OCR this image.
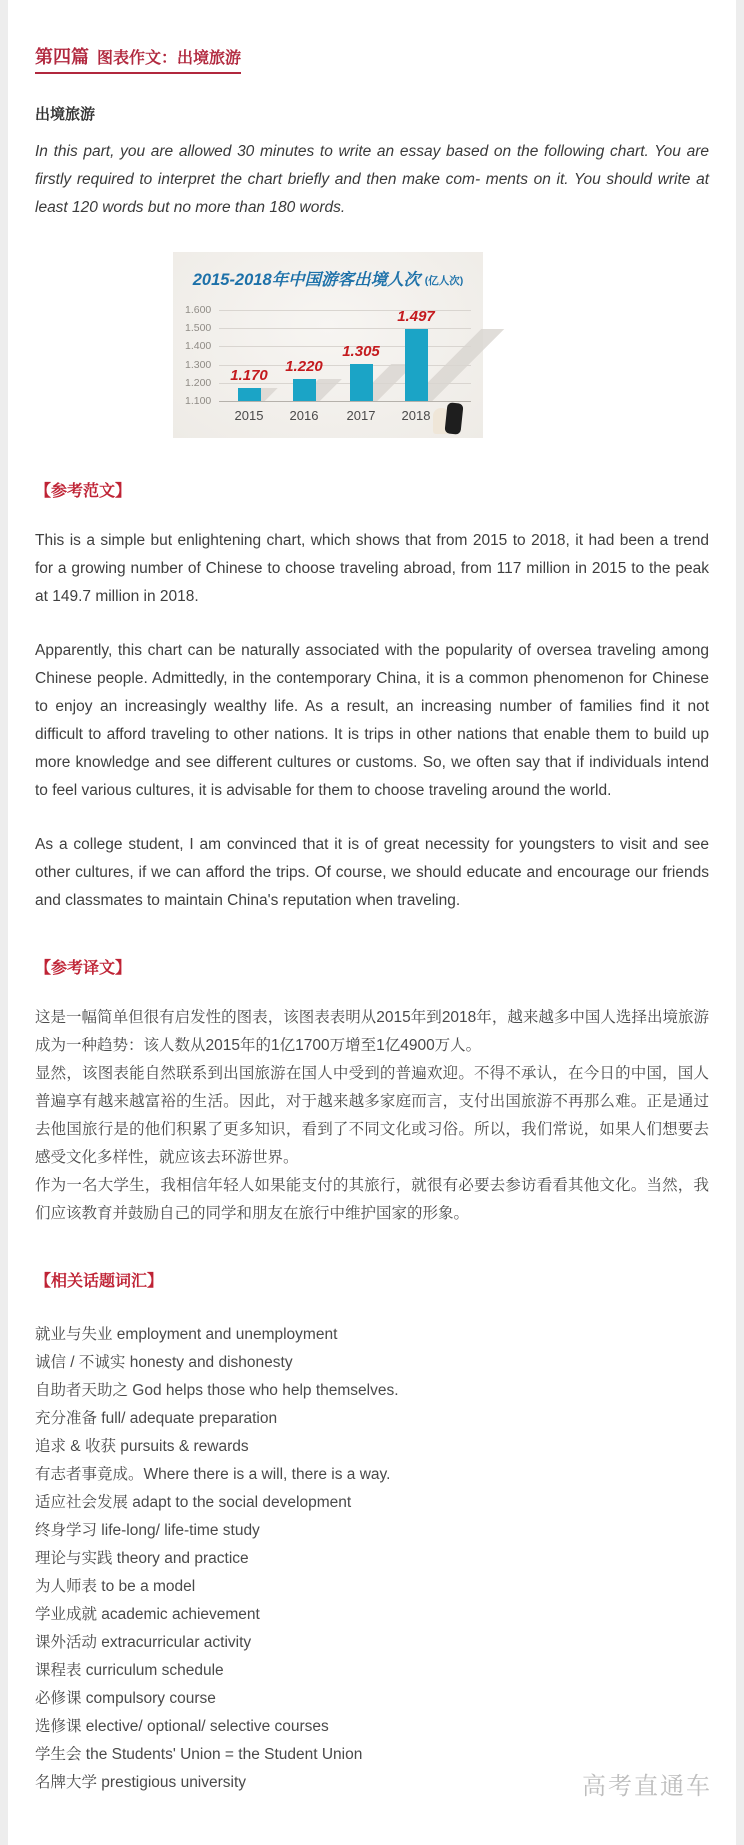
第四篇 图表作文：出境旅游
出境旅游

In this part, you are allowed 30 minutes to write an essay based on the following chart. You are firstly required to interpret the chart briefly and then make com- ments on it. You should write at least 120 words but no more than 180 words.

2015-2018年中国游客出境人次 (亿人次)
1.600
1.500
1.400
1.300
1.200
1.100
1.170
2015
1.220
2016
1.305
2017
1.497
2018
【参考范文】
This is a simple but enlightening chart, which shows that from 2015 to 2018, it had been a trend for a growing number of Chinese to choose traveling abroad, from 117 million in 2015 to the peak at 149.7 million in 2018.
Apparently, this chart can be naturally associated with the popularity of oversea traveling among Chinese people. Admittedly, in the contemporary China, it is a common phenomenon for Chinese to enjoy an increasingly wealthy life. As a result, an increasing number of families find it not difficult to afford traveling to other nations. It is trips in other nations that enable them to build up more knowledge and see different cultures or customs. So, we often say that if individuals intend to feel various cultures, it is advisable for them to choose traveling around the world.
As a college student, I am convinced that it is of great necessity for youngsters to visit and see other cultures, if we can afford the trips. Of course, we should educate and encourage our friends and classmates to maintain China's reputation when traveling.
【参考译文】
这是一幅简单但很有启发性的图表，该图表表明从2015年到2018年，越来越多中国人选择出境旅游成为一种趋势：该人数从2015年的1亿1700万增至1亿4900万人。
显然，该图表能自然联系到出国旅游在国人中受到的普遍欢迎。不得不承认，在今日的中国，国人普遍享有越来越富裕的生活。因此，对于越来越多家庭而言，支付出国旅游不再那么难。正是通过去他国旅行是的他们积累了更多知识，看到了不同文化或习俗。所以，我们常说，如果人们想要去感受文化多样性，就应该去环游世界。
作为一名大学生，我相信年轻人如果能支付的其旅行，就很有必要去参访看看其他文化。当然，我们应该教育并鼓励自己的同学和朋友在旅行中维护国家的形象。
【相关话题词汇】
就业与失业 employment and unemployment
诚信 / 不诚实 honesty and dishonesty
自助者天助之 God helps those who help themselves.
充分准备 full/ adequate preparation
追求 & 收获 pursuits & rewards
有志者事竟成。Where there is a will, there is a way.
适应社会发展 adapt to the social development
终身学习 life-long/ life-time study
理论与实践 theory and practice
为人师表 to be a model
学业成就 academic achievement
课外活动 extracurricular activity
课程表 curriculum schedule
必修课 compulsory course
选修课 elective/ optional/ selective courses
学生会 the Students' Union = the Student Union
名牌大学 prestigious university	高考直通车
